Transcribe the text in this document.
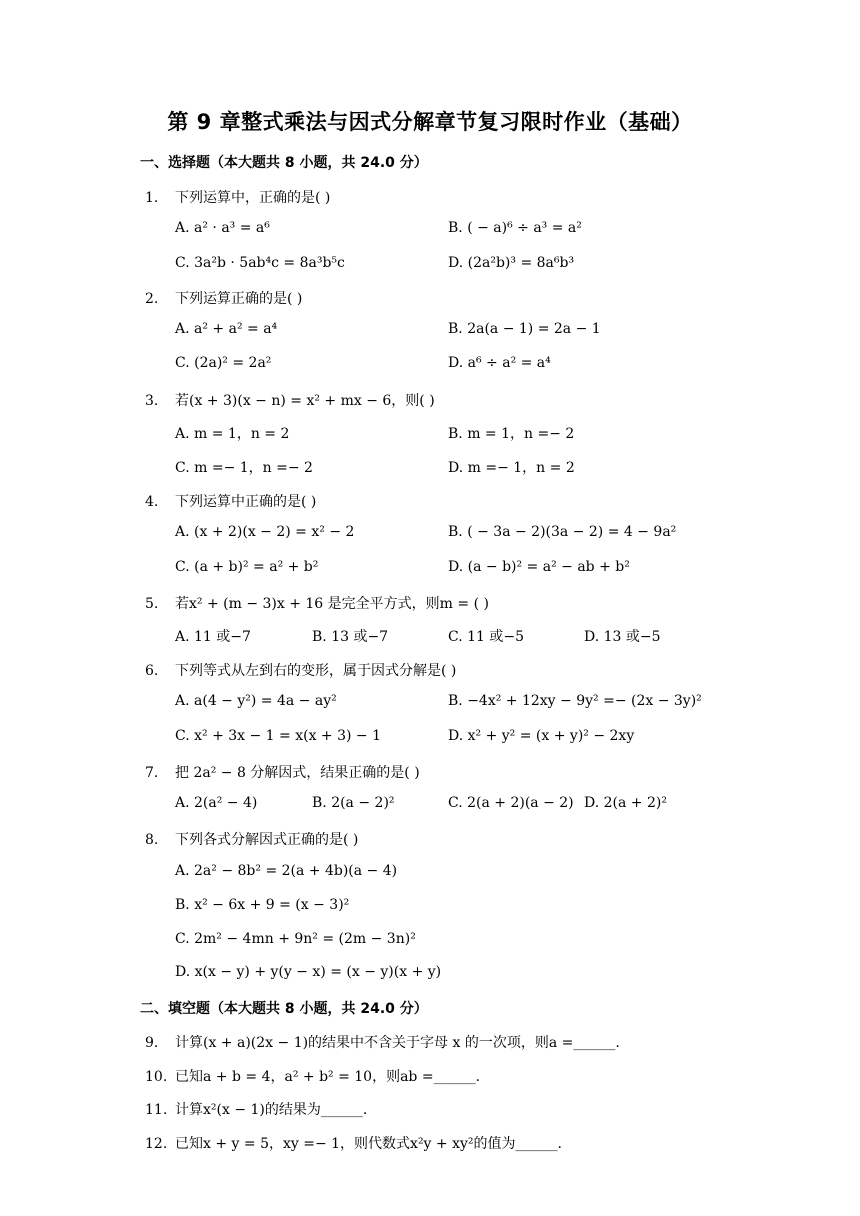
第 9 章整式乘法与因式分解章节复习限时作业（基础）
一、选择题（本大题共 8 小题，共 24.0 分）
1. 下列运算中，正确的是( )
A. a² · a³ = a⁶	B. ( − a)⁶ ÷ a³ = a²
C. 3a²b · 5ab⁴c = 8a³b⁵c	D. (2a²b)³ = 8a⁶b³
2. 下列运算正确的是( )
A. a² + a² = a⁴	B. 2a(a − 1) = 2a − 1
C. (2a)² = 2a²	D. a⁶ ÷ a² = a⁴
3. 若(x + 3)(x − n) = x² + mx − 6，则( )
A. m = 1，n = 2	B. m = 1，n =− 2
C. m =− 1，n =− 2	D. m =− 1，n = 2
4. 下列运算中正确的是( )
A. (x + 2)(x − 2) = x² − 2	B. ( − 3a − 2)(3a − 2) = 4 − 9a²
C. (a + b)² = a² + b²	D. (a − b)² = a² − ab + b²
5. 若x² + (m − 3)x + 16 是完全平方式，则m = ( )
A. 11 或−7	B. 13 或−7	C. 11 或−5	D. 13 或−5
6. 下列等式从左到右的变形，属于因式分解是( )
A. a(4 − y²) = 4a − ay²	B. −4x² + 12xy − 9y² =− (2x − 3y)²
C. x² + 3x − 1 = x(x + 3) − 1	D. x² + y² = (x + y)² − 2xy
7. 把 2a² − 8 分解因式，结果正确的是( )
A. 2(a² − 4)	B. 2(a − 2)²	C. 2(a + 2)(a − 2) D. 2(a + 2)²
8. 下列各式分解因式正确的是( )
A. 2a² − 8b² = 2(a + 4b)(a − 4)
B. x² − 6x + 9 = (x − 3)²
C. 2m² − 4mn + 9n² = (2m − 3n)²
D. x(x − y) + y(y − x) = (x − y)(x + y)
二、填空题（本大题共 8 小题，共 24.0 分）
9. 计算(x + a)(2x − 1)的结果中不含关于字母 x 的一次项，则a =______.
10. 已知a + b = 4，a² + b² = 10，则ab =______.
11. 计算x²(x − 1)的结果为______.
12. 已知x + y = 5，xy =− 1，则代数式x²y + xy²的值为______.
